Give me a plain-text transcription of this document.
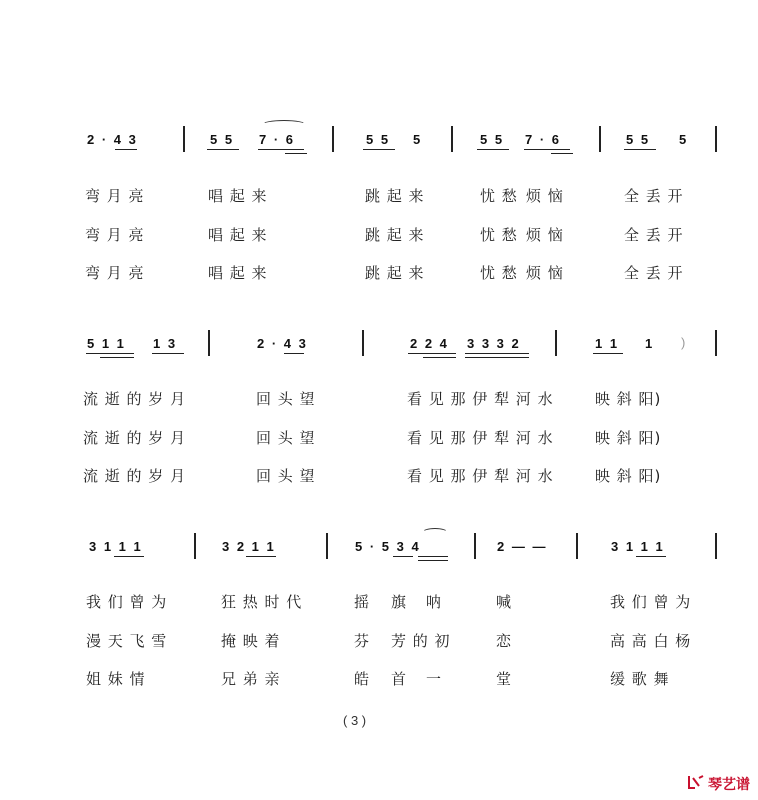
2 · 4 3	5 5 7 · 6	5 5 5	5 5 7 · 6	5 5 5
弯 月 亮	唱 起 来	跳 起 来	忧 愁 烦 恼	全 丢 开
弯 月 亮	唱 起 来	跳 起 来	忧 愁 烦 恼	全 丢 开
弯 月 亮	唱 起 来	跳 起 来	忧 愁 烦 恼	全 丢 开
5 1 1 1 3	2 · 4 3	2 2 4 3 3 3 2	1 1 1 )
流 逝 的 岁 月	回 头 望	看 见 那 伊 犁 河 水	映 斜 阳)
流 逝 的 岁 月	回 头 望	看 见 那 伊 犁 河 水	映 斜 阳)
流 逝 的 岁 月	回 头 望	看 见 那 伊 犁 河 水	映 斜 阳)
3 1 1 1	3 2 1 1	5 · 5 3 4	2 — —	3 1 1 1
我 们 曾 为	狂 热 时 代	摇 旗 呐	喊	我 们 曾 为
漫 天 飞 雪	掩 映 着	芬 芳 的 初	恋	高 高 白 杨
姐 妹 情	兄 弟 亲	皓 首 一	堂	缓 歌 舞
( 3 )
琴艺谱
